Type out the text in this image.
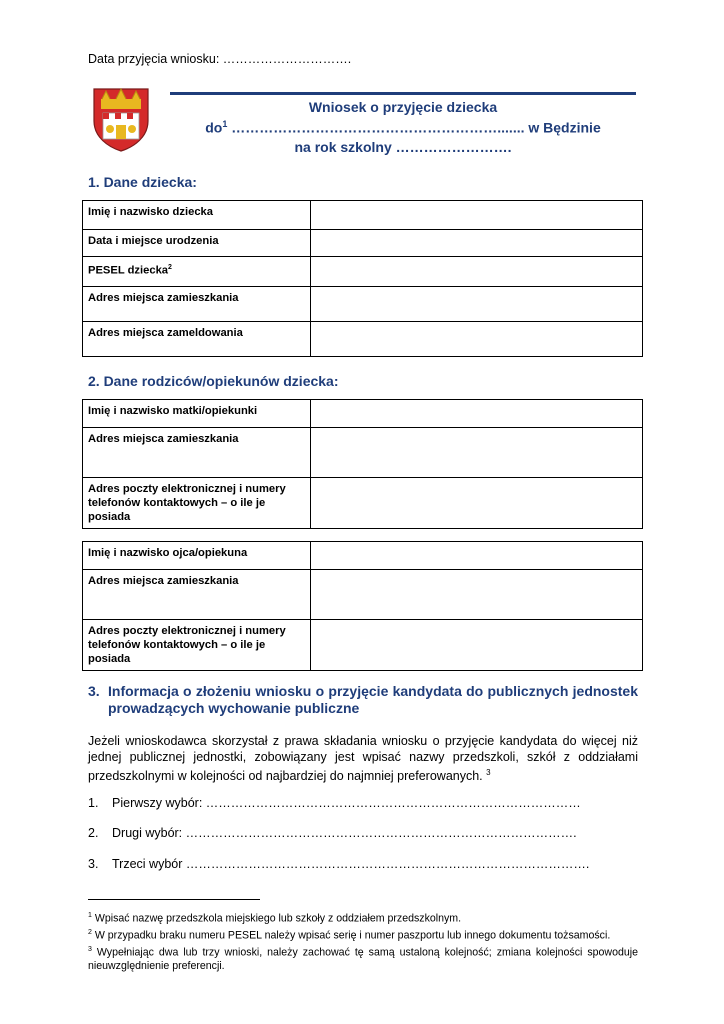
Data przyjęcia wniosku: ………………………….
Wniosek o przyjęcie dziecka
$do^1$ …………………………………………………....... w Będzinie
na rok szkolny …………………….
1. Dane dziecka:
Imię i nazwisko dziecka	
Data i miejsce urodzenia	
PESEL dziecka$^2$	
Adres miejsca zamieszkania	
Adres miejsca zameldowania	
2. Dane rodziców/opiekunów dziecka:
Imię i nazwisko matki/opiekunki	
Adres miejsca zamieszkania	
Adres poczty elektronicznej i numery telefonów kontaktowych – o ile je posiada	
Imię i nazwisko ojca/opiekuna	
Adres miejsca zamieszkania	
Adres poczty elektronicznej i numery telefonów kontaktowych – o ile je posiada	
3. Informacja o złożeniu wniosku o przyjęcie kandydata do publicznych jednostek prowadzących wychowanie publiczne
Jeżeli wnioskodawca skorzystał z prawa składania wniosku o przyjęcie kandydata do więcej niż jednej publicznej jednostki, zobowiązany jest wpisać nazwy przedszkoli, szkół z oddziałami przedszkolnymi w kolejności od najbardziej do najmniej preferowanych. $^3$
1. Pierwszy wybór: ………………………………………………………………………………
2. Drugi wybór: ………………………………………………………………………………….
3. Trzeci wybór …………………………………………………………………………………….

$^1$ Wpisać nazwę przedszkola miejskiego lub szkoły z oddziałem przedszkolnym.

$^2$ W przypadku braku numeru PESEL należy wpisać serię i numer paszportu lub innego dokumentu tożsamości.

$^3$ Wypełniając dwa lub trzy wnioski, należy zachować tę samą ustaloną kolejność; zmiana kolejności spowoduje nieuwzględnienie preferencji.
